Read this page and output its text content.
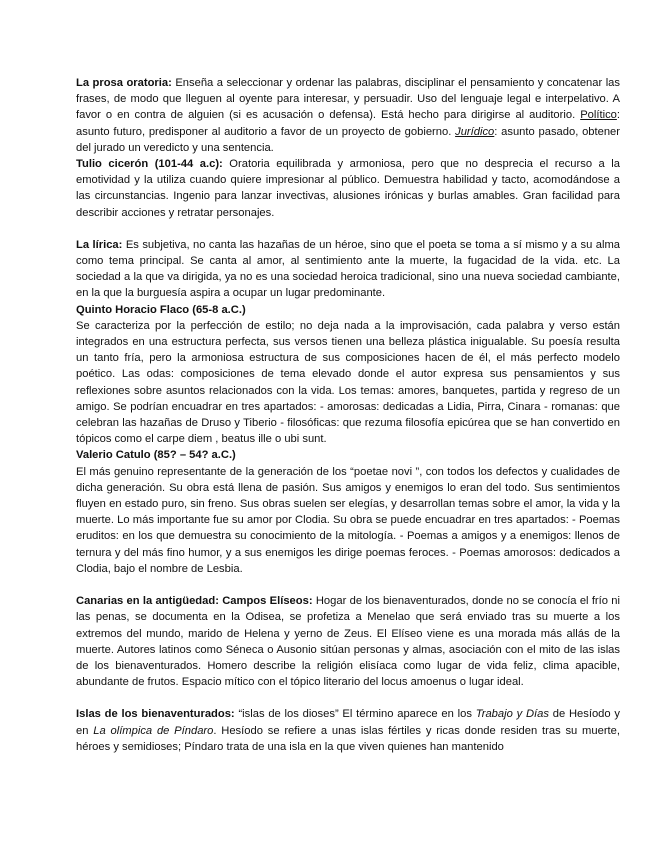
La prosa oratoria: Enseña a seleccionar y ordenar las palabras, disciplinar el pensamiento y concatenar las frases, de modo que lleguen al oyente para interesar, y persuadir. Uso del lenguaje legal e interpelativo. A favor o en contra de alguien (si es acusación o defensa). Está hecho para dirigirse al auditorio. Político: asunto futuro, predisponer al auditorio a favor de un proyecto de gobierno. Jurídico: asunto pasado, obtener del jurado un veredicto y una sentencia.

Tulio cicerón (101-44 a.c): Oratoria equilibrada y armoniosa, pero que no desprecia el recurso a la emotividad y la utiliza cuando quiere impresionar al público. Demuestra habilidad y tacto, acomodándose a las circunstancias. Ingenio para lanzar invectivas, alusiones irónicas y burlas amables. Gran facilidad para describir acciones y retratar personajes.

La lírica: Es subjetiva, no canta las hazañas de un héroe, sino que el poeta se toma a sí mismo y a su alma como tema principal. Se canta al amor, al sentimiento ante la muerte, la fugacidad de la vida. etc. La sociedad a la que va dirigida, ya no es una sociedad heroica tradicional, sino una nueva sociedad cambiante, en la que la burguesía aspira a ocupar un lugar predominante.

Quinto Horacio Flaco (65-8 a.C.)

Se caracteriza por la perfección de estilo; no deja nada a la improvisación, cada palabra y verso están integrados en una estructura perfecta, sus versos tienen una belleza plástica inigualable. Su poesía resulta un tanto fría, pero la armoniosa estructura de sus composiciones hacen de él, el más perfecto modelo poético. Las odas: composiciones de tema elevado donde el autor expresa sus pensamientos y sus reflexiones sobre asuntos relacionados con la vida. Los temas: amores, banquetes, partida y regreso de un amigo. Se podrían encuadrar en tres apartados: - amorosas: dedicadas a Lidia, Pirra, Cinara - romanas: que celebran las hazañas de Druso y Tiberio - filosóficas: que rezuma filosofía epicúrea que se han convertido en tópicos como el carpe diem , beatus ille o ubi sunt.

Valerio Catulo (85? – 54? a.C.)

El más genuino representante de la generación de los “poetae novi ”, con todos los defectos y cualidades de dicha generación. Su obra está llena de pasión. Sus amigos y enemigos lo eran del todo. Sus sentimientos fluyen en estado puro, sin freno. Sus obras suelen ser elegías, y desarrollan temas sobre el amor, la vida y la muerte. Lo más importante fue su amor por Clodia. Su obra se puede encuadrar en tres apartados: - Poemas eruditos: en los que demuestra su conocimiento de la mitología. - Poemas a amigos y a enemigos: llenos de ternura y del más fino humor, y a sus enemigos les dirige poemas feroces. - Poemas amorosos: dedicados a Clodia, bajo el nombre de Lesbia.

Canarias en la antigüedad: Campos Elíseos: Hogar de los bienaventurados, donde no se conocía el frío ni las penas, se documenta en la Odisea, se profetiza a Menelao que será enviado tras su muerte a los extremos del mundo, marido de Helena y yerno de Zeus. El Elíseo viene es una morada más allás de la muerte. Autores latinos como Séneca o Ausonio sitúan personas y almas, asociación con el mito de las islas de los bienaventurados. Homero describe la religión elisíaca como lugar de vida feliz, clima apacible, abundante de frutos. Espacio mítico con el tópico literario del locus amoenus o lugar ideal.

Islas de los bienaventurados: “islas de los dioses” El término aparece en los Trabajo y Días de Hesíodo y en La olímpica de Píndaro. Hesíodo se refiere a unas islas fértiles y ricas donde residen tras su muerte, héroes y semidioses; Píndaro trata de una isla en la que viven quienes han mantenido
